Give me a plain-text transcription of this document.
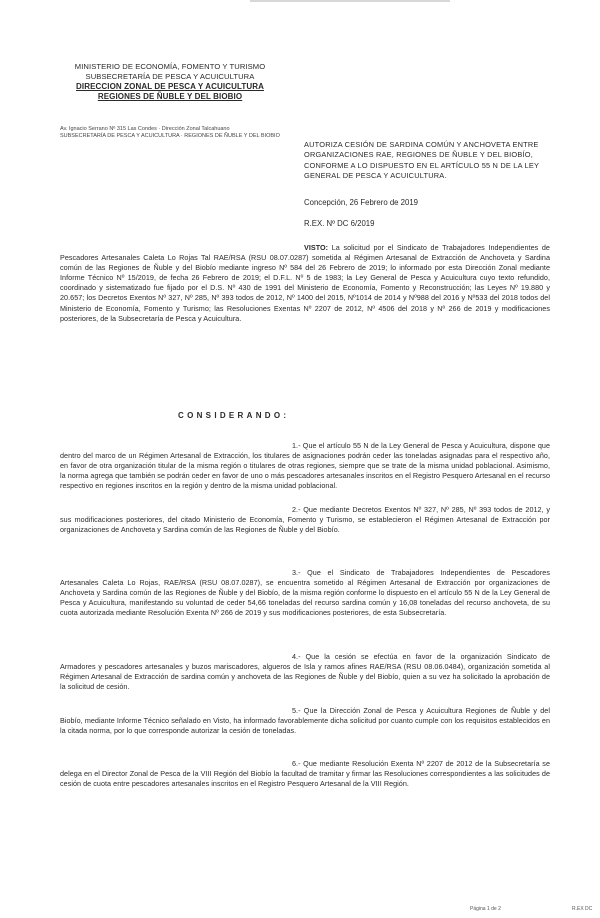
MINISTERIO DE ECONOMÍA, FOMENTO Y TURISMO
SUBSECRETARÍA DE PESCA Y ACUICULTURA
DIRECCION ZONAL DE PESCA Y ACUICULTURA
REGIONES DE ÑUBLE Y DEL BIOBIO
Av. Ignacio Serrano Nº 315 Las Condes · Dirección Zonal Talcahuano
SUBSECRETARÍA DE PESCA Y ACUICULTURA · REGIONES DE ÑUBLE Y DEL BIOBIO
AUTORIZA CESIÓN DE SARDINA COMÚN Y ANCHOVETA ENTRE ORGANIZACIONES RAE, REGIONES DE ÑUBLE Y DEL BIOBÍO, CONFORME A LO DISPUESTO EN EL ARTÍCULO 55 N DE LA LEY GENERAL DE PESCA Y ACUICULTURA.
Concepción, 26 Febrero de 2019
R.EX. Nº DC 6/2019
VISTO: La solicitud por el Sindicato de Trabajadores Independientes de Pescadores Artesanales Caleta Lo Rojas Tal RAE/RSA (RSU 08.07.0287) sometida al Régimen Artesanal de Extracción de Anchoveta y Sardina común de las Regiones de Ñuble y del Biobío mediante ingreso Nº 584 del 26 Febrero de 2019; lo informado por esta Dirección Zonal mediante Informe Técnico Nº 15/2019, de fecha 26 Febrero de 2019; el D.F.L. Nº 5 de 1983; la Ley General de Pesca y Acuicultura cuyo texto refundido, coordinado y sistematizado fue fijado por el D.S. Nº 430 de 1991 del Ministerio de Economía, Fomento y Reconstrucción; las Leyes Nº 19.880 y 20.657; los Decretos Exentos Nº 327, Nº 285, Nº 393 todos de 2012, Nº 1400 del 2015, Nº1014 de 2014 y Nº988 del 2016 y Nº533 del 2018 todos del Ministerio de Economía, Fomento y Turismo; las Resoluciones Exentas Nº 2207 de 2012, Nº 4506 del 2018 y Nº 266 de 2019 y modificaciones posteriores, de la Subsecretaría de Pesca y Acuicultura.
CONSIDERANDO:
1.- Que el artículo 55 N de la Ley General de Pesca y Acuicultura, dispone que dentro del marco de un Régimen Artesanal de Extracción, los titulares de asignaciones podrán ceder las toneladas asignadas para el respectivo año, en favor de otra organización titular de la misma región o titulares de otras regiones, siempre que se trate de la misma unidad poblacional. Asimismo, la norma agrega que también se podrán ceder en favor de uno o más pescadores artesanales inscritos en el Registro Pesquero Artesanal en el recurso respectivo en regiones inscritos en la región y dentro de la misma unidad poblacional.
2.- Que mediante Decretos Exentos Nº 327, Nº 285, Nº 393 todos de 2012, y sus modificaciones posteriores, del citado Ministerio de Economía, Fomento y Turismo, se establecieron el Régimen Artesanal de Extracción por organizaciones de Anchoveta y Sardina común de las Regiones de Ñuble y del Biobío.
3.- Que el Sindicato de Trabajadores Independientes de Pescadores Artesanales Caleta Lo Rojas, RAE/RSA (RSU 08.07.0287), se encuentra sometido al Régimen Artesanal de Extracción por organizaciones de Anchoveta y Sardina común de las Regiones de Ñuble y del Biobío, de la misma región conforme lo dispuesto en el artículo 55 N de la Ley General de Pesca y Acuicultura, manifestando su voluntad de ceder 54,66 toneladas del recurso sardina común y 16,08 toneladas del recurso anchoveta, de su cuota autorizada mediante Resolución Exenta Nº 266 de 2019 y sus modificaciones posteriores, de esta Subsecretaría.
4.- Que la cesión se efectúa en favor de la organización Sindicato de Armadores y pescadores artesanales y buzos mariscadores, algueros de Isla y ramos afines RAE/RSA (RSU 08.06.0484), organización sometida al Régimen Artesanal de Extracción de sardina común y anchoveta de las Regiones de Ñuble y del Biobío, quien a su vez ha solicitado la aprobación de la solicitud de cesión.
5.- Que la Dirección Zonal de Pesca y Acuicultura Regiones de Ñuble y del Biobío, mediante Informe Técnico señalado en Visto, ha informado favorablemente dicha solicitud por cuanto cumple con los requisitos establecidos en la citada norma, por lo que corresponde autorizar la cesión de toneladas.
6.- Que mediante Resolución Exenta Nº 2207 de 2012 de la Subsecretaría se delega en el Director Zonal de Pesca de la VIII Región del Biobío la facultad de tramitar y firmar las Resoluciones correspondientes a las solicitudes de cesión de cuota entre pescadores artesanales inscritos en el Registro Pesquero Artesanal de la VIII Región.
Página 1 de 2	R.EX DC
